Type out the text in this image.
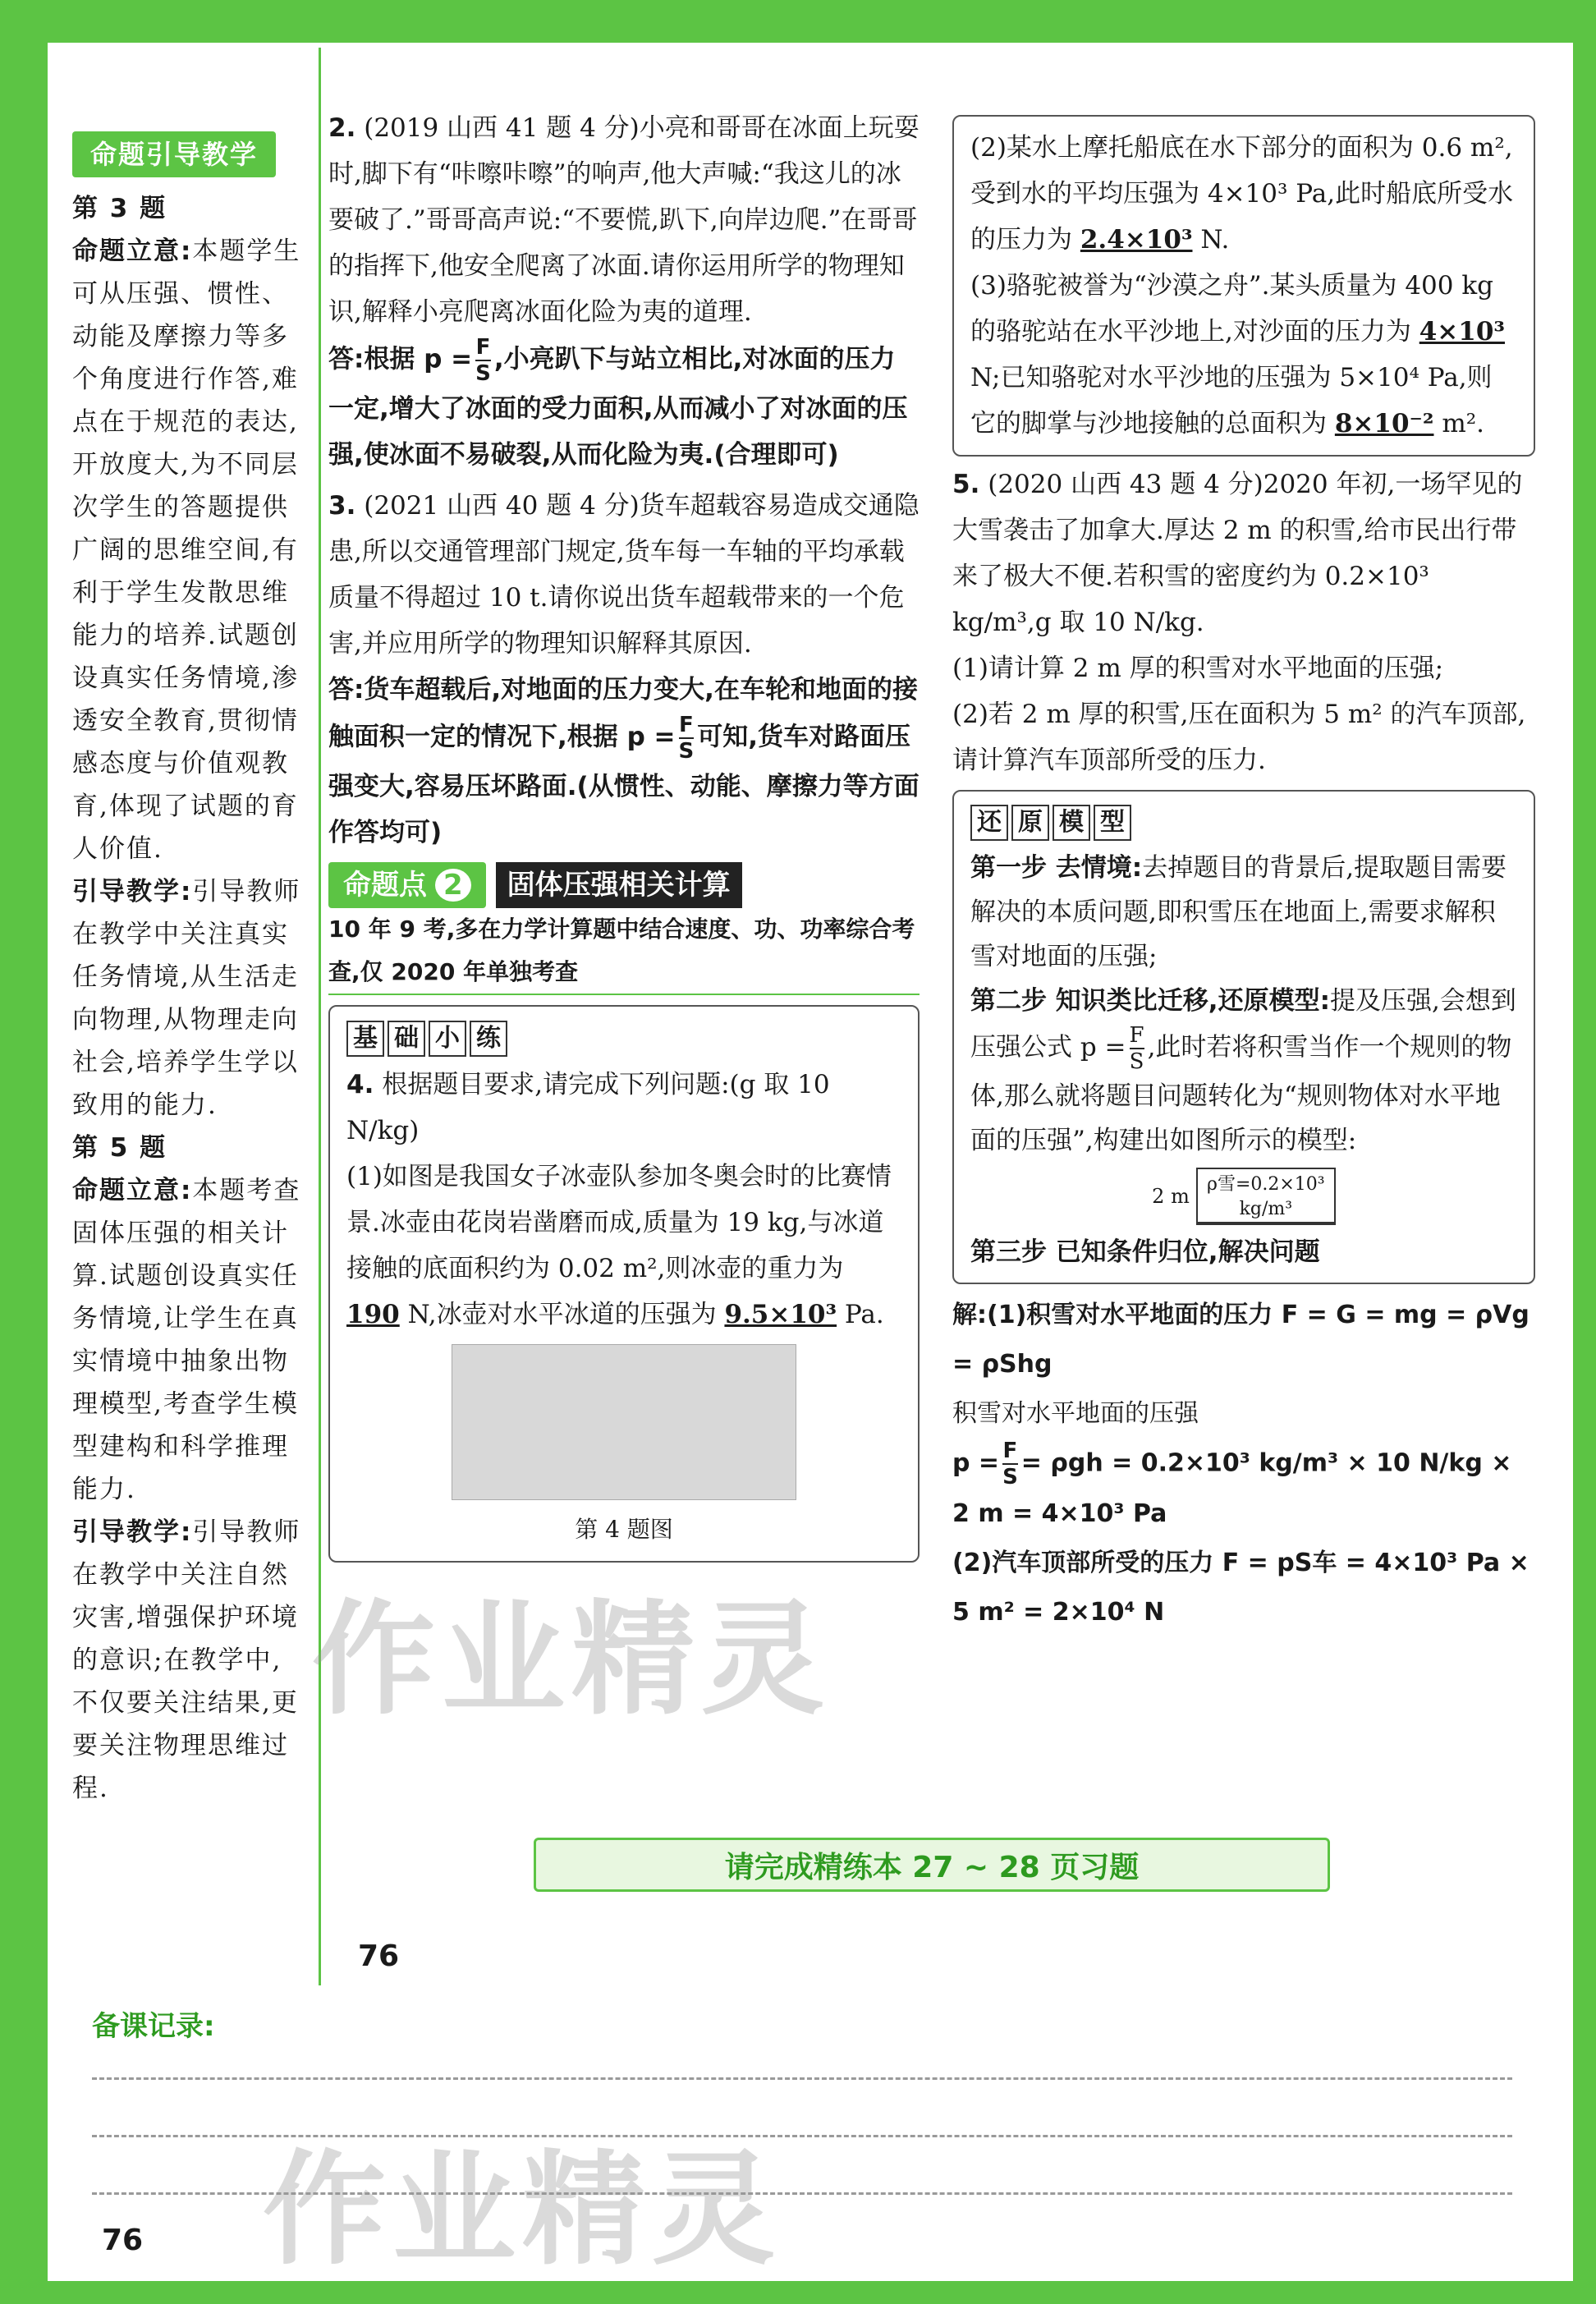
命题引导教学
第 3 题
命题立意:本题学生可从压强、惯性、动能及摩擦力等多个角度进行作答,难点在于规范的表达,开放度大,为不同层次学生的答题提供广阔的思维空间,有利于学生发散思维能力的培养.试题创设真实任务情境,渗透安全教育,贯彻情感态度与价值观教育,体现了试题的育人价值.
引导教学:引导教师在教学中关注真实任务情境,从生活走向物理,从物理走向社会,培养学生学以致用的能力.
第 5 题
命题立意:本题考查固体压强的相关计算.试题创设真实任务情境,让学生在真实情境中抽象出物理模型,考查学生模型建构和科学推理能力.
引导教学:引导教师在教学中关注自然灾害,增强保护环境的意识;在教学中,不仅要关注结果,更要关注物理思维过程.
2. (2019 山西 41 题 4 分)小亮和哥哥在冰面上玩耍时,脚下有“咔嚓咔嚓”的响声,他大声喊:“我这儿的冰要破了.”哥哥高声说:“不要慌,趴下,向岸边爬.”在哥哥的指挥下,他安全爬离了冰面.请你运用所学的物理知识,解释小亮爬离冰面化险为夷的道理.
答:根据 $p = \frac{F}{S}$ ,小亮趴下与站立相比,对冰面的压力一定,增大了冰面的受力面积,从而减小了对冰面的压强,使冰面不易破裂,从而化险为夷.(合理即可)
3. (2021 山西 40 题 4 分)货车超载容易造成交通隐患,所以交通管理部门规定,货车每一车轴的平均承载质量不得超过 10 t.请你说出货车超载带来的一个危害,并应用所学的物理知识解释其原因.
答:货车超载后,对地面的压力变大,在车轮和地面的接触面积一定的情况下,根据 $p = \frac{F}{S}$ 可知,货车对路面压强变大,容易压坏路面.(从惯性、动能、摩擦力等方面作答均可)
命题点 2	固体压强相关计算
10 年 9 考,多在力学计算题中结合速度、功、功率综合考查,仅 2020 年单独考查
基 础 小 练
4. 根据题目要求,请完成下列问题:(g 取 10 N/kg)
(1)如图是我国女子冰壶队参加冬奥会时的比赛情景.冰壶由花岗岩凿磨而成,质量为 19 kg,与冰道接触的底面积约为 0.02 m²,则冰壶的重力为 190 N,冰壶对水平冰道的压强为 9.5×10³ Pa.
第 4 题图
(2)某水上摩托船底在水下部分的面积为 0.6 m²,受到水的平均压强为 4×10³ Pa,此时船底所受水的压力为 2.4×10³ N.
(3)骆驼被誉为“沙漠之舟”.某头质量为 400 kg 的骆驼站在水平沙地上,对沙面的压力为 4×10³ N;已知骆驼对水平沙地的压强为 5×10⁴ Pa,则它的脚掌与沙地接触的总面积为 8×10⁻² m².
5. (2020 山西 43 题 4 分)2020 年初,一场罕见的大雪袭击了加拿大.厚达 2 m 的积雪,给市民出行带来了极大不便.若积雪的密度约为 0.2×10³ kg/m³,g 取 10 N/kg.
(1)请计算 2 m 厚的积雪对水平地面的压强;
(2)若 2 m 厚的积雪,压在面积为 5 m² 的汽车顶部,请计算汽车顶部所受的压力.
还 原 模 型
第一步 去情境:去掉题目的背景后,提取题目需要解决的本质问题,即积雪压在地面上,需要求解积雪对地面的压强;
第二步 知识类比迁移,还原模型:提及压强,会想到压强公式 $p = \frac{F}{S}$ ,此时若将积雪当作一个规则的物体,那么就将题目问题转化为“规则物体对水平地面的压强”,构建出如图所示的模型:
2 m
ρ雪=0.2×10³ kg/m³
第三步 已知条件归位,解决问题
解:(1)积雪对水平地面的压力 F = G = mg = ρVg = ρShg
积雪对水平地面的压强
$p = \frac{F}{S} = \rho gh = 0.2\times 10^3$ kg/m³ × 10 N/kg × 2 m = 4×10³ Pa
(2)汽车顶部所受的压力 F = pS车 = 4×10³ Pa × 5 m² = 2×10⁴ N
请完成精练本 27 ~ 28 页习题
76
备课记录:
76
作业精灵
作业精灵
